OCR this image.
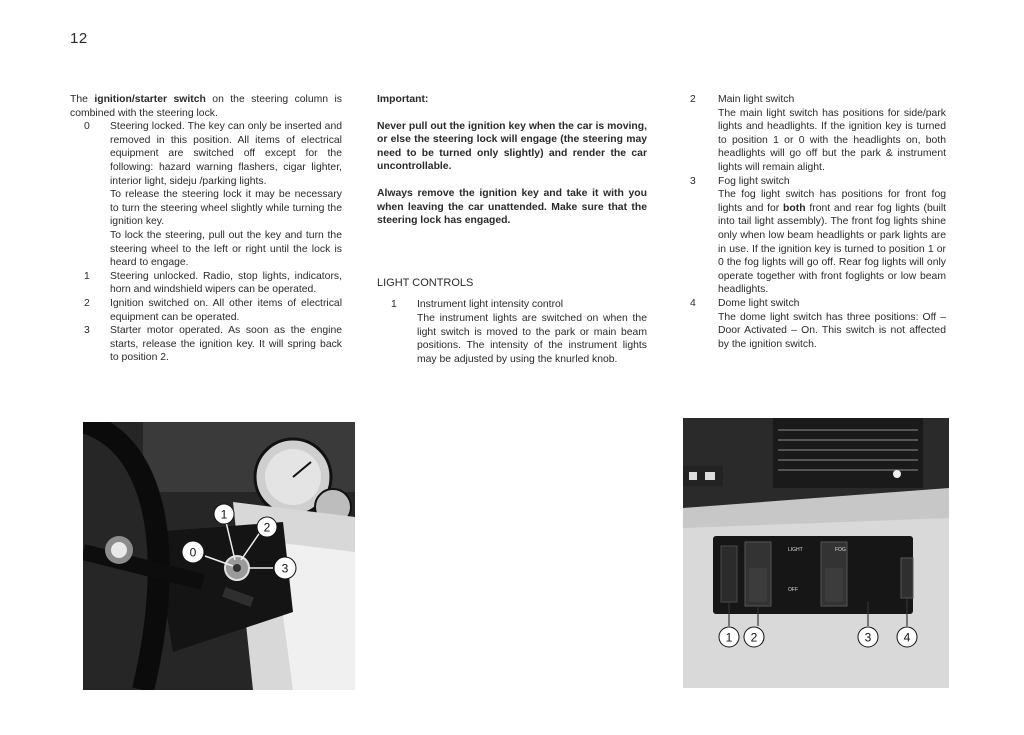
12
The ignition/starter switch on the steering column is combined with the steering lock.
0	Steering locked. The key can only be inserted and removed in this position. All items of electrical equipment are switched off except for the following: hazard warning flashers, cigar lighter, interior light, sideju /parking lights.

To release the steering lock it may be necessary to turn the steering wheel slightly while turning the ignition key.

To lock the steering, pull out the key and turn the steering wheel to the left or right until the lock is heard to engage.

1	Steering unlocked. Radio, stop lights, indicators, horn and windshield wipers can be operated.
2	Ignition switched on. All other items of electrical equipment can be operated.
3	Starter motor operated. As soon as the engine starts, release the ignition key. It will spring back to position 2.
Important:

Never pull out the ignition key when the car is moving, or else the steering lock will engage (the steering may need to be turned only slightly) and render the car uncontrollable.

Always remove the ignition key and take it with you when leaving the car unattended. Make sure that the steering lock has engaged.

LIGHT CONTROLS
1	Instrument light intensity control
The instrument lights are switched on when the light switch is moved to the park or main beam positions. The intensity of the instrument lights may be adjusted by using the knurled knob.
2	Main light switch
The main light switch has positions for side/park lights and headlights. If the ignition key is turned to position 1 or 0 with the headlights on, both headlights will go off but the park & instrument lights will remain alight.
3	Fog light switch
The fog light switch has positions for front fog lights and for both front and rear fog lights (built into tail light assembly). The front fog lights shine only when low beam headlights or park lights are in use. If the ignition key is turned to position 1 or 0 the fog lights will go off. Rear fog lights will only operate together with front foglights or low beam headlights.
4	Dome light switch
The dome light switch has three positions: Off – Door Activated – On. This switch is not affected by the ignition switch.
0
1
2
3
LIGHT
OFF
FOG
1 2	3	4
